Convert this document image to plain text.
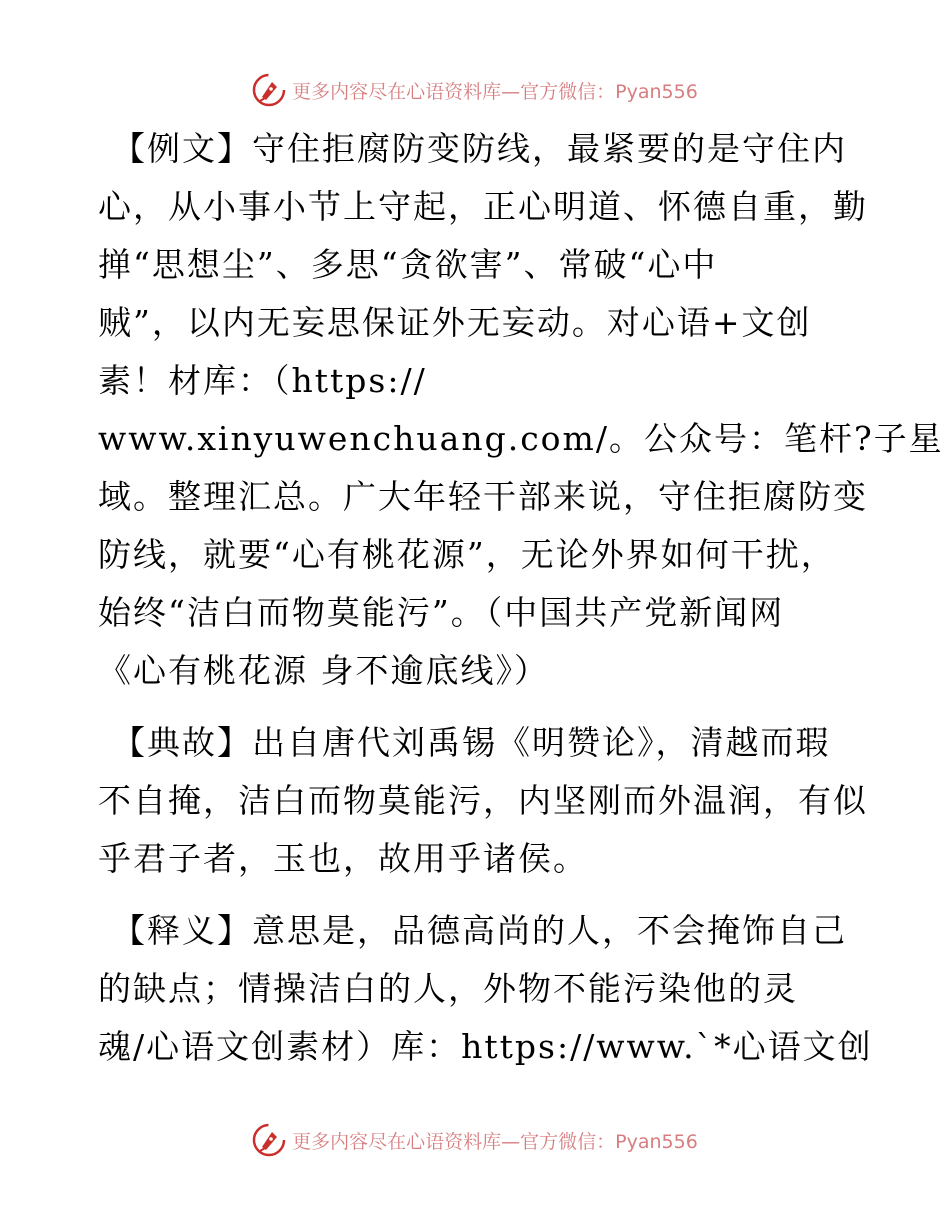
更多内容尽在心语资料库—官方微信：Pyan556
【例文】守住拒腐防变防线，最紧要的是守住内
心，从小事小节上守起，正心明道、怀德自重，勤
掸“思想尘”、多思“贪欲害”、常破“心中
贼”，以内无妄思保证外无妄动。对心语+文创
素！材库：（https://
www.xinyuwenchuang.com/。公众号：笔杆?子星
域。整理汇总。广大年轻干部来说，守住拒腐防变
防线，就要“心有桃花源”，无论外界如何干扰，
始终“洁白而物莫能污”。（中国共产党新闻网
《心有桃花源 身不逾底线》）
【典故】出自唐代刘禹锡《明赞论》，清越而瑕
不自掩，洁白而物莫能污，内坚刚而外温润，有似
乎君子者，玉也，故用乎诸侯。
【释义】意思是，品德高尚的人，不会掩饰自己
的缺点；情操洁白的人，外物不能污染他的灵
魂/心语文创素材）库：https://www.`*心语文创
更多内容尽在心语资料库—官方微信：Pyan556
